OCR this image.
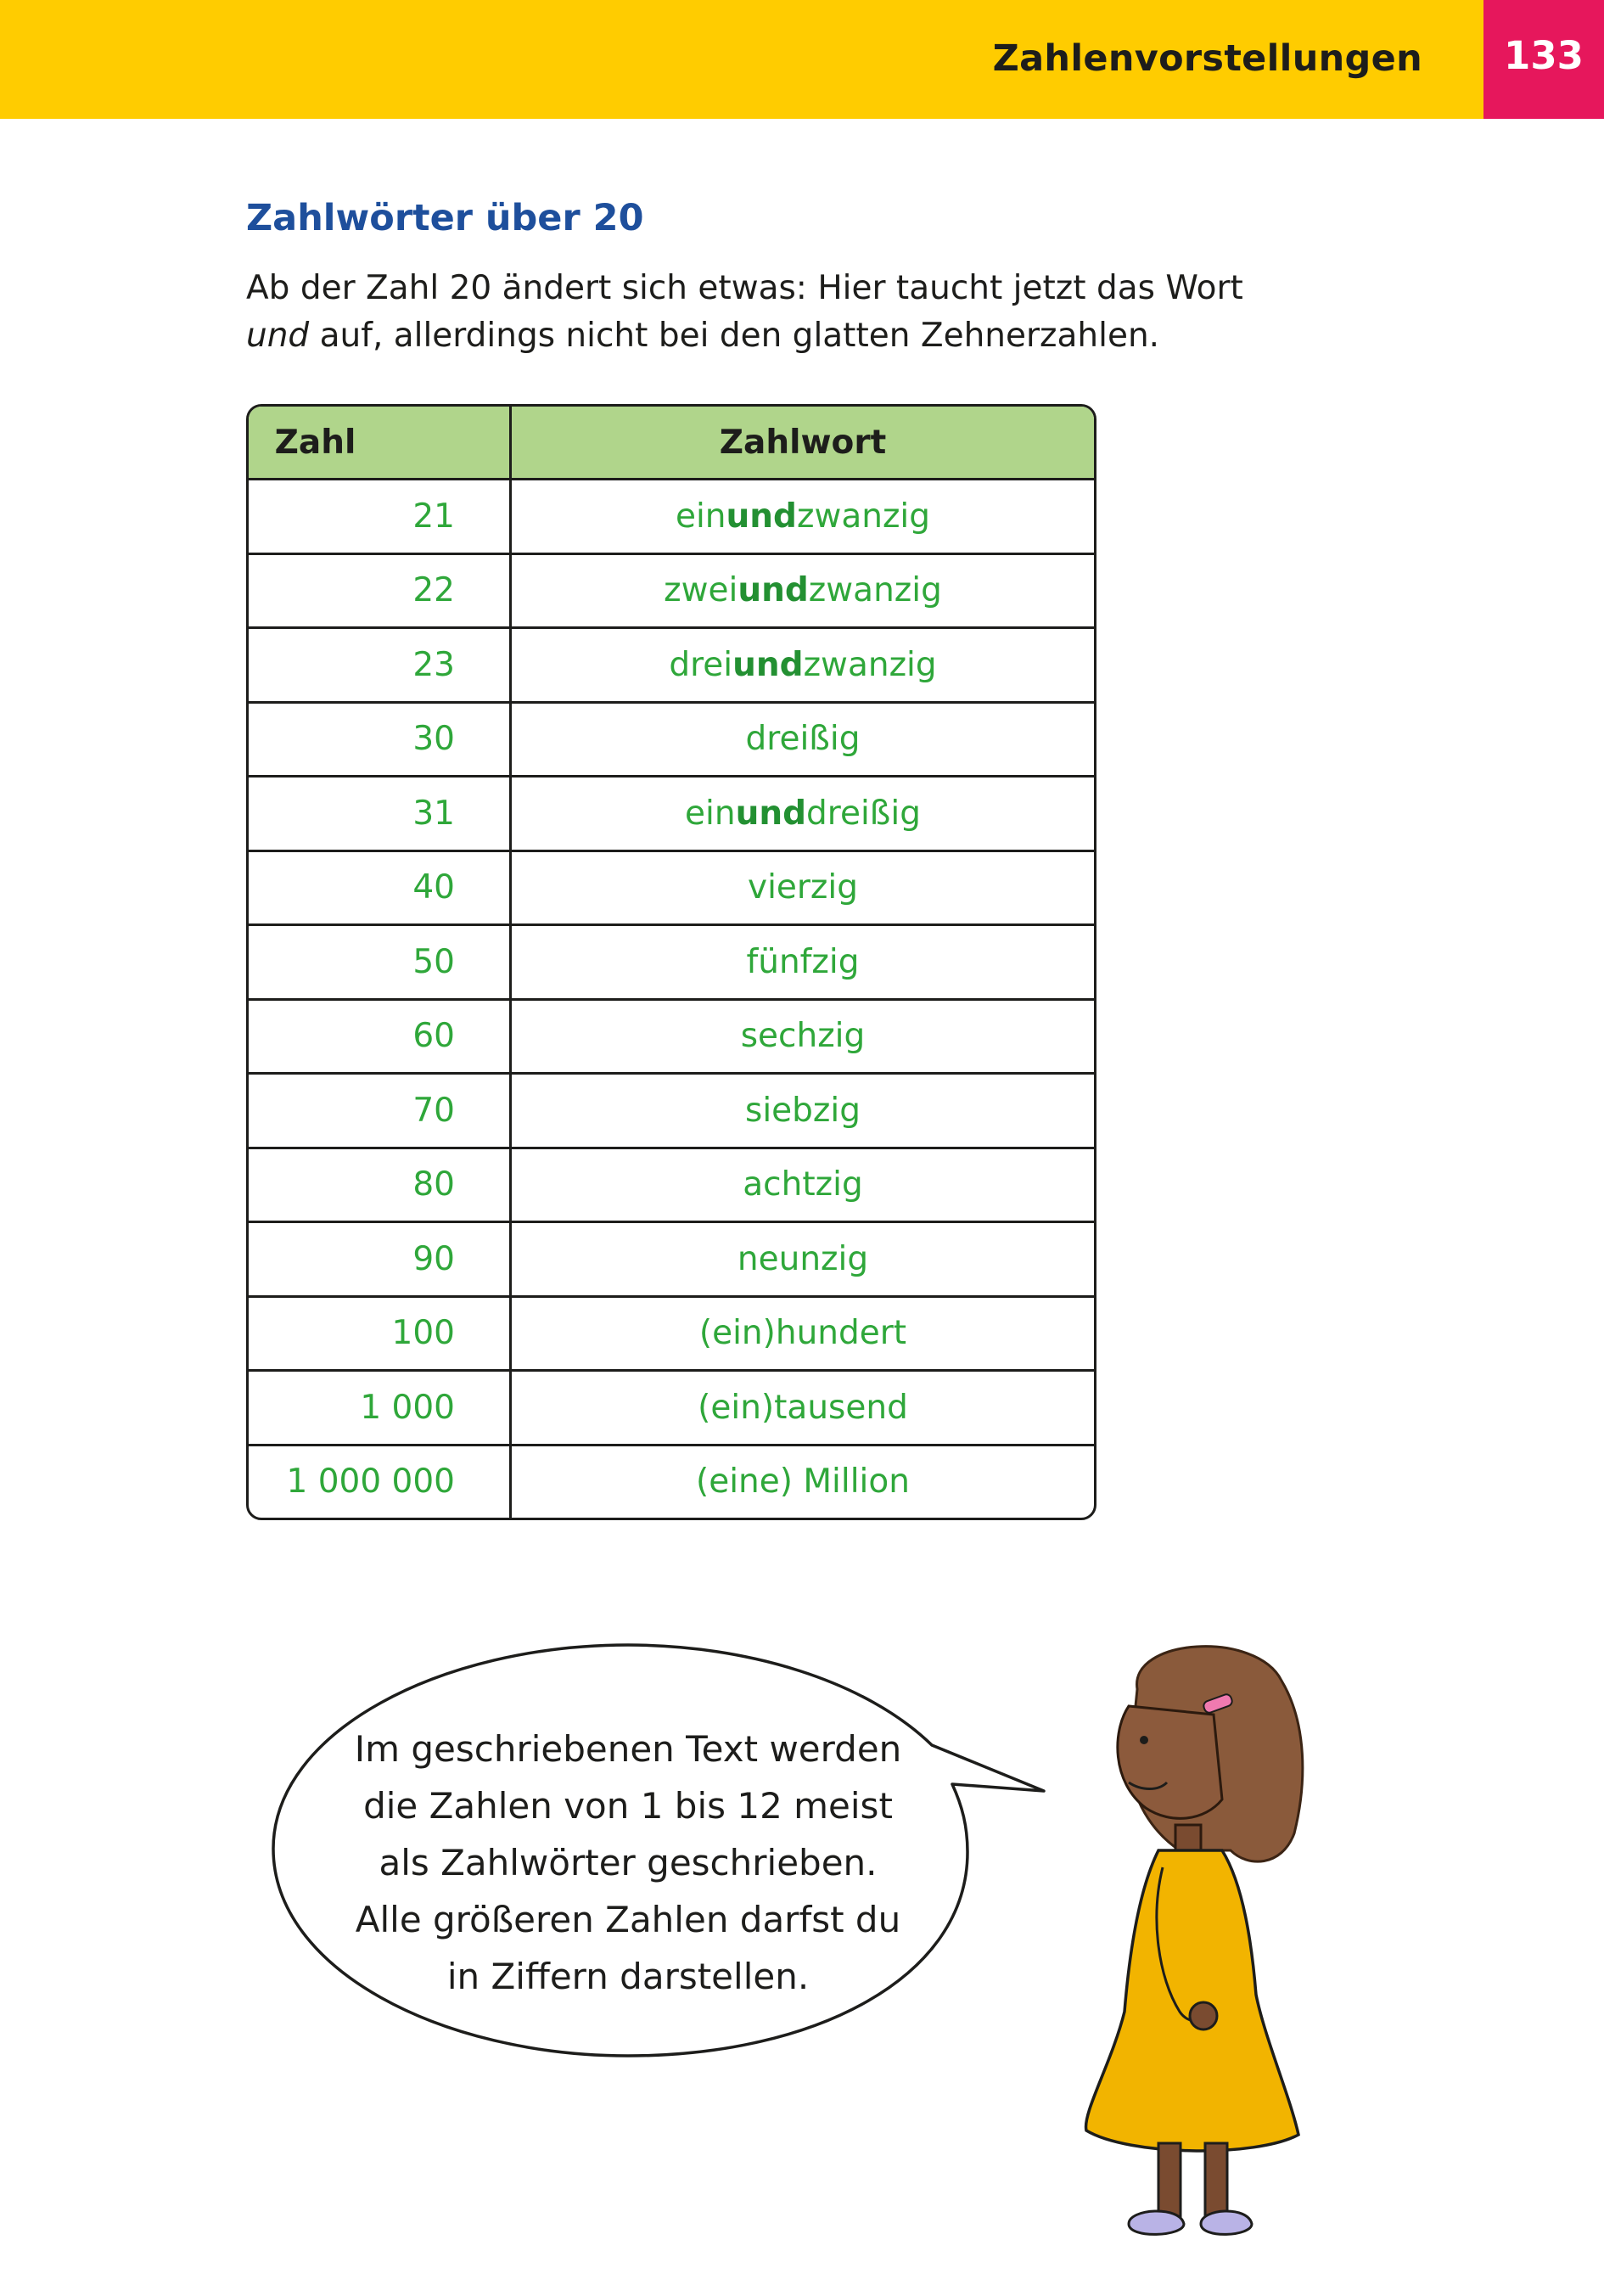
Zahlenvorstellungen	133
Zahlwörter über 20

Ab der Zahl 20 ändert sich etwas: Hier taucht jetzt das Wort
und auf, allerdings nicht bei den glatten Zehnerzahlen.

Zahl	Zahlwort
21	ein und zwanzig
22	zwei und zwanzig
23	drei und zwanzig
30	dreißig
31	ein und dreißig
40	vierzig
50	fünfzig
60	sechzig
70	siebzig
80	achtzig
90	neunzig
100	(ein)hundert
1 000	(ein)tausend
1 000 000	(eine) Million

Im geschriebenen Text werden

die Zahlen von 1 bis 12 meist

als Zahlwörter geschrieben.

Alle größeren Zahlen darfst du

in Ziffern darstellen.
